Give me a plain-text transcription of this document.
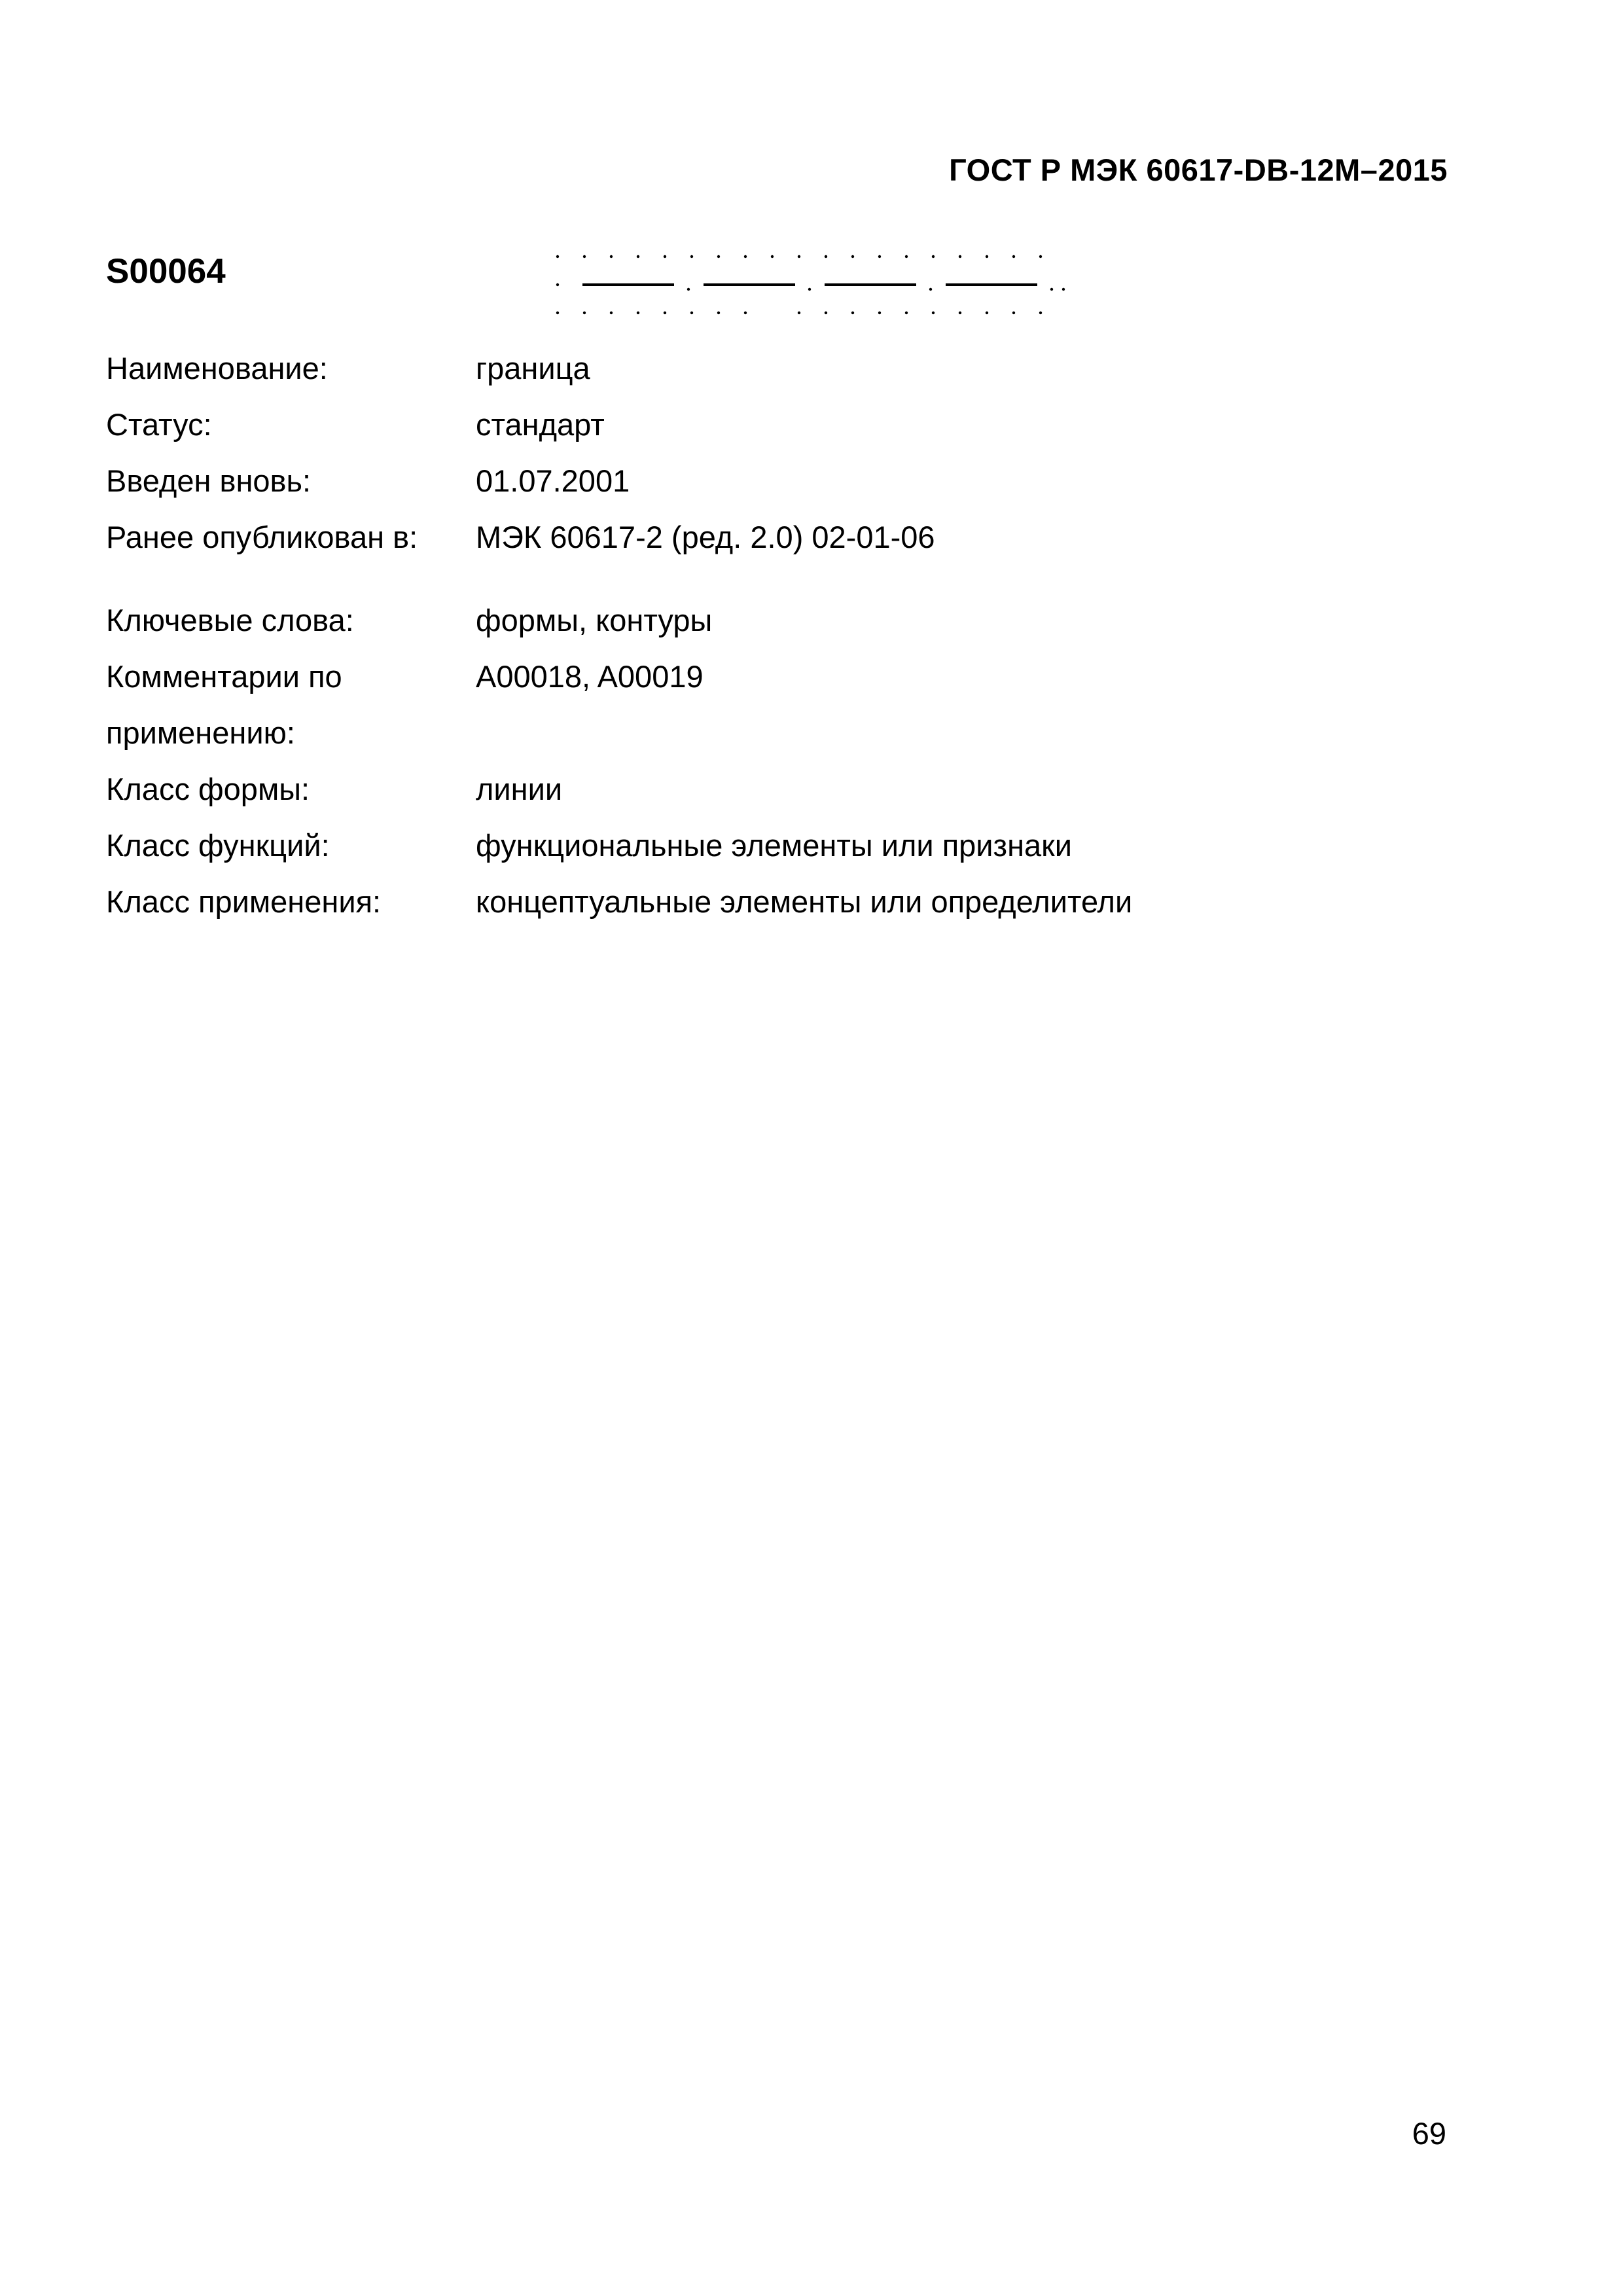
ГОСТ Р МЭК 60617-DB-12M–2015
S00064
Наименование:	граница
Статус:	стандарт
Введен вновь:	01.07.2001
Ранее опубликован в:	МЭК 60617-2 (ред. 2.0) 02-01-06
Ключевые слова:	формы, контуры
Комментарии по	A00018, A00019
применению:
Класс формы:	линии
Класс функций:	функциональные элементы или признаки
Класс применения:	концептуальные элементы или определители
69
